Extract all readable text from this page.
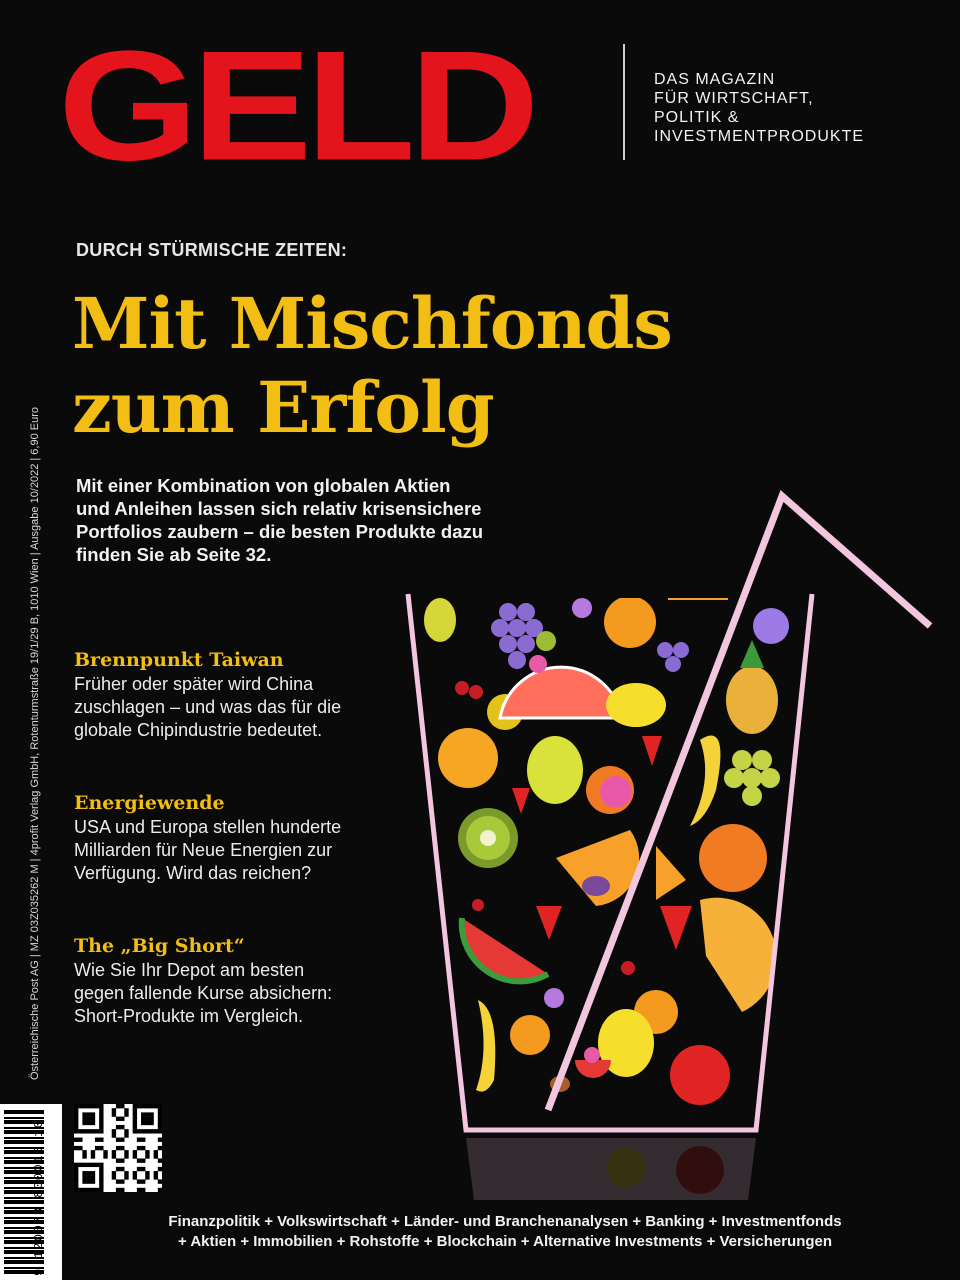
GELD	DAS MAGAZIN
FÜR WIRTSCHAFT,
POLITIK &
INVESTMENTPRODUKTE
DURCH STÜRMISCHE ZEITEN:
Mit Mischfonds
zum Erfolg
Mit einer Kombination von globalen Aktien
und Anleihen lassen sich relativ krisensichere
Portfolios zaubern – die besten Produkte dazu
finden Sie ab Seite 32.
Brennpunkt Taiwan
Früher oder später wird China
zuschlagen – und was das für die
globale Chipindustrie bedeutet.
Energiewende
USA und Europa stellen hunderte
Milliarden für Neue Energien zur
Verfügung. Wird das reichen?
The „Big Short“
Wie Sie Ihr Depot am besten
gegen fallende Kurse absichern:
Short-Produkte im Vergleich.
Österreichische Post AG | MZ 03Z035262 M | 4profit Verlag GmbH, Rotenturmstraße 19/1/29 B, 1010 Wien | Ausgabe 10/2022 | 6,90 Euro
9 120073 800015 10	Finanzpolitik + Volkswirtschaft + Länder- und Branchenanalysen + Banking + Investmentfonds
+ Aktien + Immobilien + Rohstoffe + Blockchain + Alternative Investments + Versicherungen
